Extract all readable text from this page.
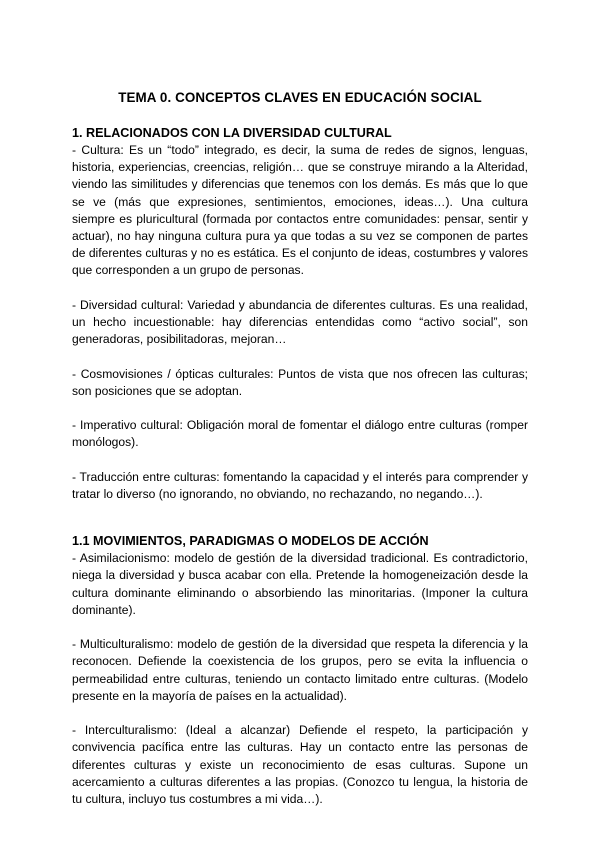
TEMA 0. CONCEPTOS CLAVES EN EDUCACIÓN SOCIAL
1. RELACIONADOS CON LA DIVERSIDAD CULTURAL

- Cultura: Es un “todo” integrado, es decir, la suma de redes de signos, lenguas, historia, experiencias, creencias, religión… que se construye mirando a la Alteridad, viendo las similitudes y diferencias que tenemos con los demás. Es más que lo que se ve (más que expresiones, sentimientos, emociones, ideas…). Una cultura siempre es pluricultural (formada por contactos entre comunidades: pensar, sentir y actuar), no hay ninguna cultura pura ya que todas a su vez se componen de partes de diferentes culturas y no es estática. Es el conjunto de ideas, costumbres y valores que corresponden a un grupo de personas.

- Diversidad cultural: Variedad y abundancia de diferentes culturas. Es una realidad, un hecho incuestionable: hay diferencias entendidas como “activo social”, son generadoras, posibilitadoras, mejoran…

- Cosmovisiones / ópticas culturales: Puntos de vista que nos ofrecen las culturas; son posiciones que se adoptan.

- Imperativo cultural: Obligación moral de fomentar el diálogo entre culturas (romper monólogos).

- Traducción entre culturas: fomentando la capacidad y el interés para comprender y tratar lo diverso (no ignorando, no obviando, no rechazando, no negando…).

1.1 MOVIMIENTOS, PARADIGMAS O MODELOS DE ACCIÓN

- Asimilacionismo: modelo de gestión de la diversidad tradicional. Es contradictorio, niega la diversidad y busca acabar con ella. Pretende la homogeneización desde la cultura dominante eliminando o absorbiendo las minoritarias. (Imponer la cultura dominante).

- Multiculturalismo: modelo de gestión de la diversidad que respeta la diferencia y la reconocen. Defiende la coexistencia de los grupos, pero se evita la influencia o permeabilidad entre culturas, teniendo un contacto limitado entre culturas. (Modelo presente en la mayoría de países en la actualidad).

- Interculturalismo: (Ideal a alcanzar) Defiende el respeto, la participación y convivencia pacífica entre las culturas. Hay un contacto entre las personas de diferentes culturas y existe un reconocimiento de esas culturas. Supone un acercamiento a culturas diferentes a las propias. (Conozco tu lengua, la historia de tu cultura, incluyo tus costumbres a mi vida…).
